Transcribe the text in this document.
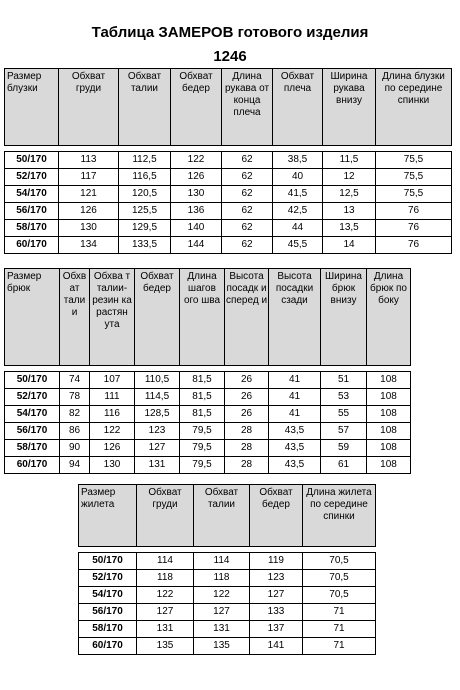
Таблица ЗАМЕРОВ готового изделия
1246
Размер блузки	Обхват груди	Обхват талии	Обхват бедер	Длина рукава от конца плеча	Обхват плеча	Ширина рукава внизу	Длина блузки по середине спинки

50/170	113	112,5	122	62	38,5	11,5	75,5
52/170	117	116,5	126	62	40	12	75,5
54/170	121	120,5	130	62	41,5	12,5	75,5
56/170	126	125,5	136	62	42,5	13	76
58/170	130	129,5	140	62	44	13,5	76
60/170	134	133,5	144	62	45,5	14	76
Размер брюк	Обхв ат тали и	Обхва т талии-резин ка растян ута	Обхват бедер	Длина шагов ого шва	Высота посадк и сперед и	Высота посадки сзади	Ширина брюк внизу	Длина брюк по боку

50/170	74	107	110,5	81,5	26	41	51	108
52/170	78	111	114,5	81,5	26	41	53	108
54/170	82	116	128,5	81,5	26	41	55	108
56/170	86	122	123	79,5	28	43,5	57	108
58/170	90	126	127	79,5	28	43,5	59	108
60/170	94	130	131	79,5	28	43,5	61	108
Размер жилета	Обхват груди	Обхват талии	Обхват бедер	Длина жилета по середине спинки

50/170	114	114	119	70,5
52/170	118	118	123	70,5
54/170	122	122	127	70,5
56/170	127	127	133	71
58/170	131	131	137	71
60/170	135	135	141	71
